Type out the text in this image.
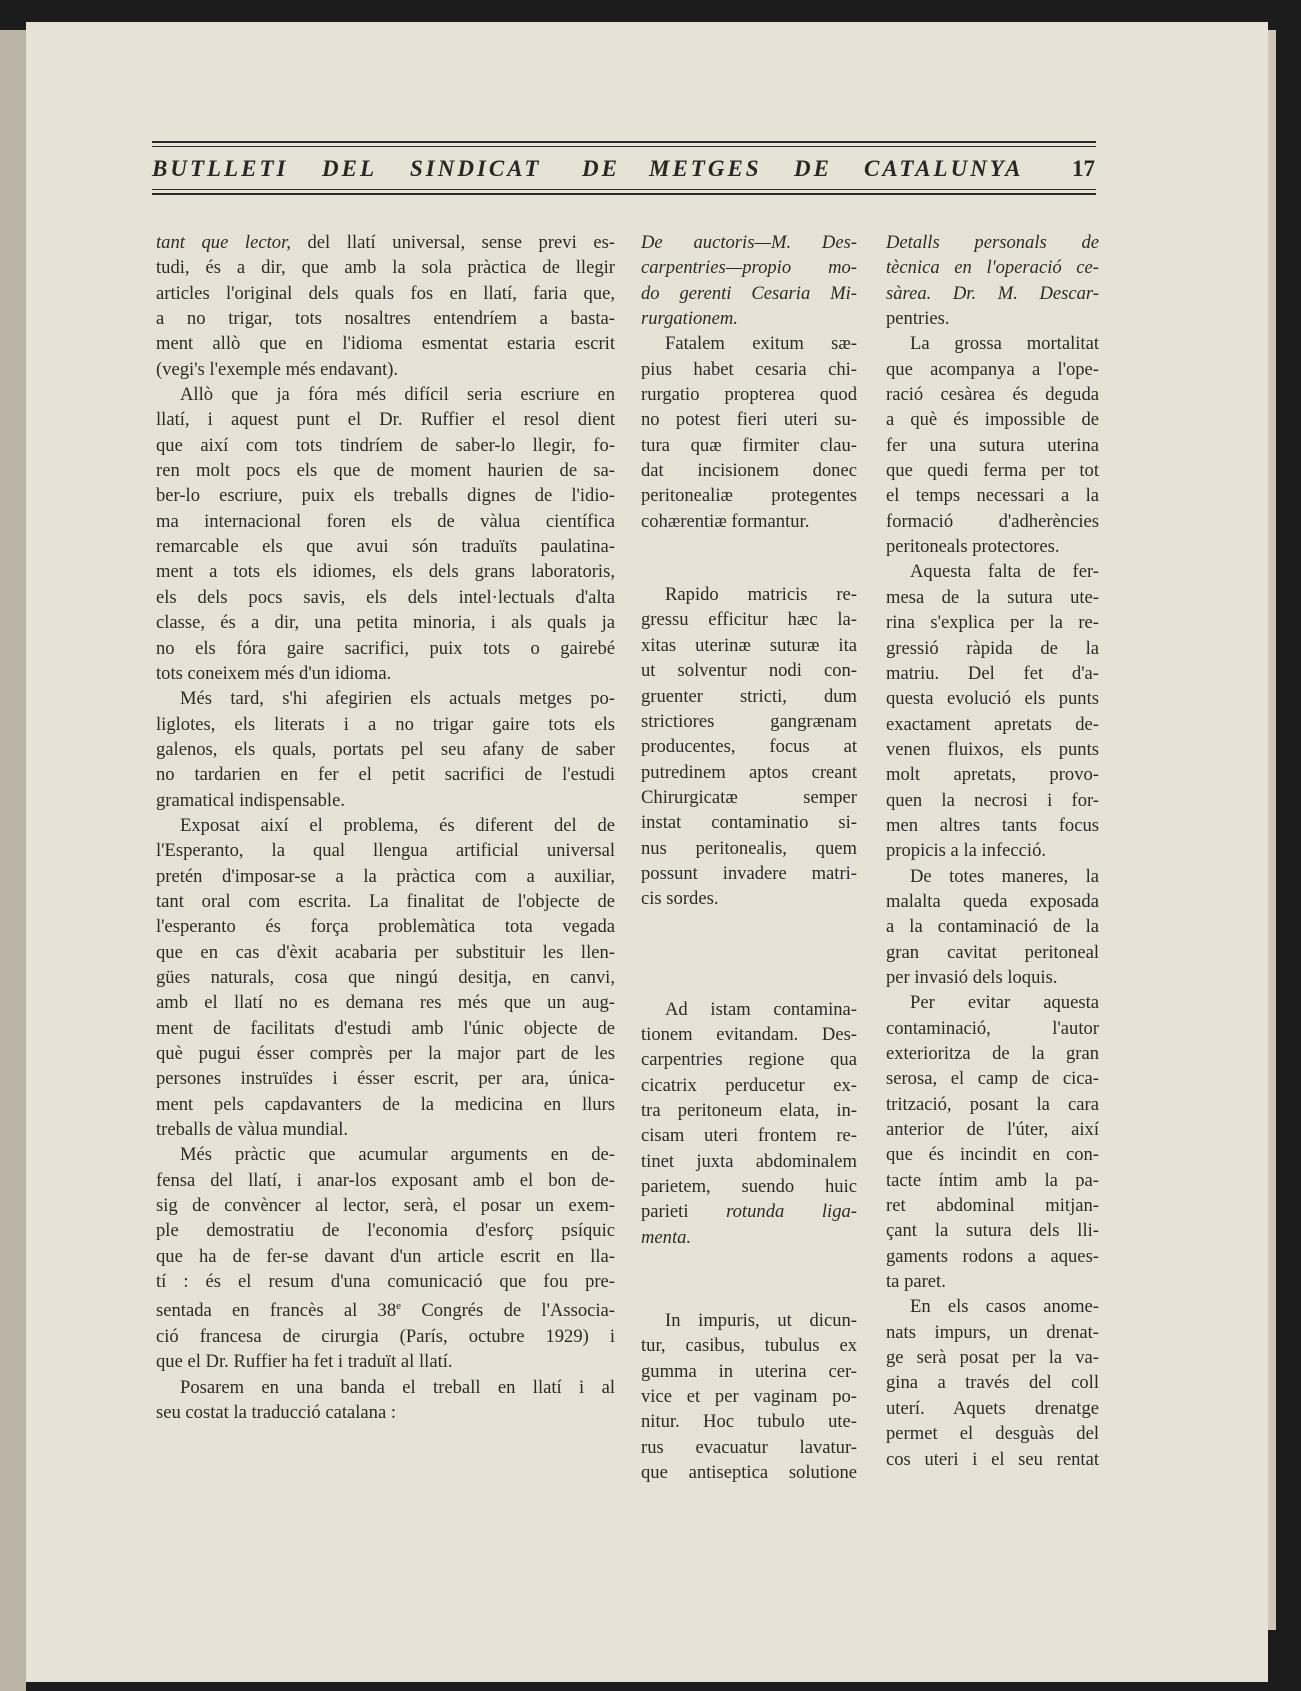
BUTLLETI DEL SINDICAT DE METGES DE CATALUNYA 17
tant que lector, del llatí universal, sense previ es-
tudi, és a dir, que amb la sola pràctica de llegir
articles l'original dels quals fos en llatí, faria que,
a no trigar, tots nosaltres entendríem a basta-
ment allò que en l'idioma esmentat estaria escrit
(vegi's l'exemple més endavant).
Allò que ja fóra més difícil seria escriure en
llatí, i aquest punt el Dr. Ruffier el resol dient
que així com tots tindríem de saber-lo llegir, fo-
ren molt pocs els que de moment haurien de sa-
ber-lo escriure, puix els treballs dignes de l'idio-
ma internacional foren els de vàlua científica
remarcable els que avui són traduïts paulatina-
ment a tots els idiomes, els dels grans laboratoris,
els dels pocs savis, els dels intel·lectuals d'alta
classe, és a dir, una petita minoria, i als quals ja
no els fóra gaire sacrifici, puix tots o gairebé
tots coneixem més d'un idioma.
Més tard, s'hi afegirien els actuals metges po-
liglotes, els literats i a no trigar gaire tots els
galenos, els quals, portats pel seu afany de saber
no tardarien en fer el petit sacrifici de l'estudi
gramatical indispensable.
Exposat així el problema, és diferent del de
l'Esperanto, la qual llengua artificial universal
pretén d'imposar-se a la pràctica com a auxiliar,
tant oral com escrita. La finalitat de l'objecte de
l'esperanto és força problemàtica tota vegada
que en cas d'èxit acabaria per substituir les llen-
gües naturals, cosa que ningú desitja, en canvi,
amb el llatí no es demana res més que un aug-
ment de facilitats d'estudi amb l'únic objecte de
què pugui ésser comprès per la major part de les
persones instruïdes i ésser escrit, per ara, única-
ment pels capdavanters de la medicina en llurs
treballs de vàlua mundial.
Més pràctic que acumular arguments en de-
fensa del llatí, i anar-los exposant amb el bon de-
sig de convèncer al lector, serà, el posar un exem-
ple demostratiu de l'economia d'esforç psíquic
que ha de fer-se davant d'un article escrit en lla-
tí : és el resum d'una comunicació que fou pre-
sentada en francès al 38e Congrés de l'Associa-
ció francesa de cirurgia (París, octubre 1929) i
que el Dr. Ruffier ha fet i traduït al llatí.
Posarem en una banda el treball en llatí i al
seu costat la traducció catalana :
De auctoris—M. Des-
carpentries—propio mo-
do gerenti Cesaria Mi-
rurgationem.
Fatalem exitum sæ-
pius habet cesaria chi-
rurgatio propterea quod
no potest fieri uteri su-
tura quæ firmiter clau-
dat incisionem donec
peritonealiæ protegentes
cohærentiæ formantur.
Rapido matricis re-
gressu efficitur hæc la-
xitas uterinæ suturæ ita
ut solventur nodi con-
gruenter stricti, dum
strictiores gangrænam
producentes, focus at
putredinem aptos creant
Chirurgicatæ semper
instat contaminatio si-
nus peritonealis, quem
possunt invadere matri-
cis sordes.
Ad istam contamina-
tionem evitandam. Des-
carpentries regione qua
cicatrix perducetur ex-
tra peritoneum elata, in-
cisam uteri frontem re-
tinet juxta abdominalem
parietem, suendo huic
parieti rotunda liga-
menta.
In impuris, ut dicun-
tur, casibus, tubulus ex
gumma in uterina cer-
vice et per vaginam po-
nitur. Hoc tubulo ute-
rus evacuatur lavatur-
que antiseptica solutione
Detalls personals de
tècnica en l'operació ce-
sàrea. Dr. M. Descar-
pentries.
La grossa mortalitat
que acompanya a l'ope-
ració cesàrea és deguda
a què és impossible de
fer una sutura uterina
que quedi ferma per tot
el temps necessari a la
formació d'adherències
peritoneals protectores.
Aquesta falta de fer-
mesa de la sutura ute-
rina s'explica per la re-
gressió ràpida de la
matriu. Del fet d'a-
questa evolució els punts
exactament apretats de-
venen fluixos, els punts
molt apretats, provo-
quen la necrosi i for-
men altres tants focus
propicis a la infecció.
De totes maneres, la
malalta queda exposada
a la contaminació de la
gran cavitat peritoneal
per invasió dels loquis.
Per evitar aquesta
contaminació, l'autor
exterioritza de la gran
serosa, el camp de cica-
trització, posant la cara
anterior de l'úter, així
que és incindit en con-
tacte íntim amb la pa-
ret abdominal mitjan-
çant la sutura dels lli-
gaments rodons a aques-
ta paret.
En els casos anome-
nats impurs, un drenat-
ge serà posat per la va-
gina a través del coll
uterí. Aquets drenatge
permet el desguàs del
cos uteri i el seu rentat
